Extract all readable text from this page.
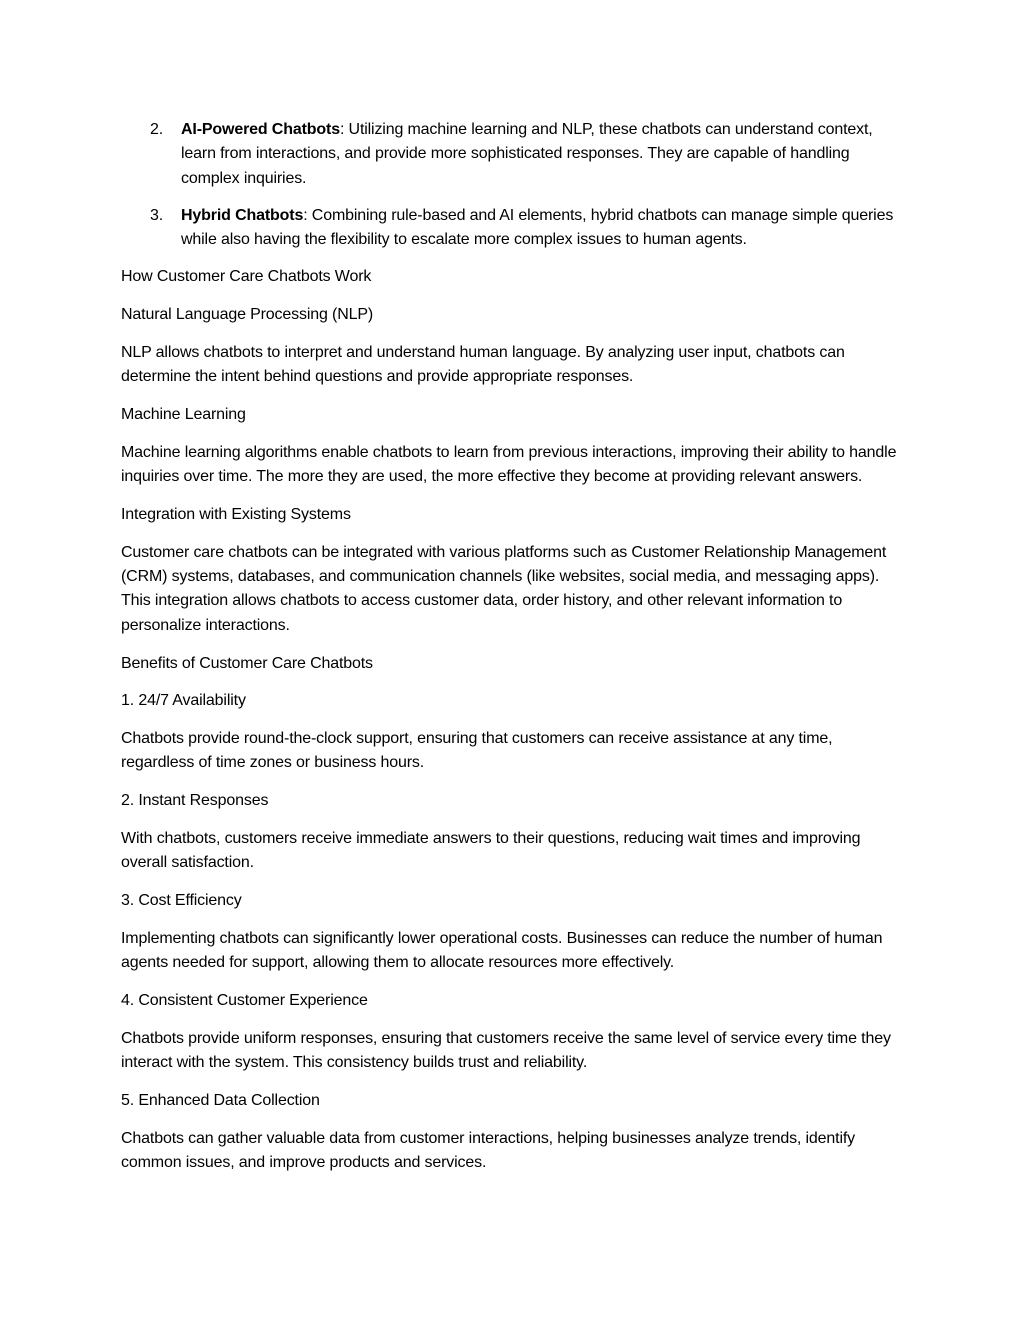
2. AI-Powered Chatbots: Utilizing machine learning and NLP, these chatbots can understand context, learn from interactions, and provide more sophisticated responses. They are capable of handling complex inquiries.
3. Hybrid Chatbots: Combining rule-based and AI elements, hybrid chatbots can manage simple queries while also having the flexibility to escalate more complex issues to human agents.

How Customer Care Chatbots Work

Natural Language Processing (NLP)

NLP allows chatbots to interpret and understand human language. By analyzing user input, chatbots can determine the intent behind questions and provide appropriate responses.

Machine Learning

Machine learning algorithms enable chatbots to learn from previous interactions, improving their ability to handle inquiries over time. The more they are used, the more effective they become at providing relevant answers.

Integration with Existing Systems

Customer care chatbots can be integrated with various platforms such as Customer Relationship Management (CRM) systems, databases, and communication channels (like websites, social media, and messaging apps). This integration allows chatbots to access customer data, order history, and other relevant information to personalize interactions.

Benefits of Customer Care Chatbots

1. 24/7 Availability

Chatbots provide round-the-clock support, ensuring that customers can receive assistance at any time, regardless of time zones or business hours.

2. Instant Responses

With chatbots, customers receive immediate answers to their questions, reducing wait times and improving overall satisfaction.

3. Cost Efficiency

Implementing chatbots can significantly lower operational costs. Businesses can reduce the number of human agents needed for support, allowing them to allocate resources more effectively.

4. Consistent Customer Experience

Chatbots provide uniform responses, ensuring that customers receive the same level of service every time they interact with the system. This consistency builds trust and reliability.

5. Enhanced Data Collection

Chatbots can gather valuable data from customer interactions, helping businesses analyze trends, identify common issues, and improve products and services.
